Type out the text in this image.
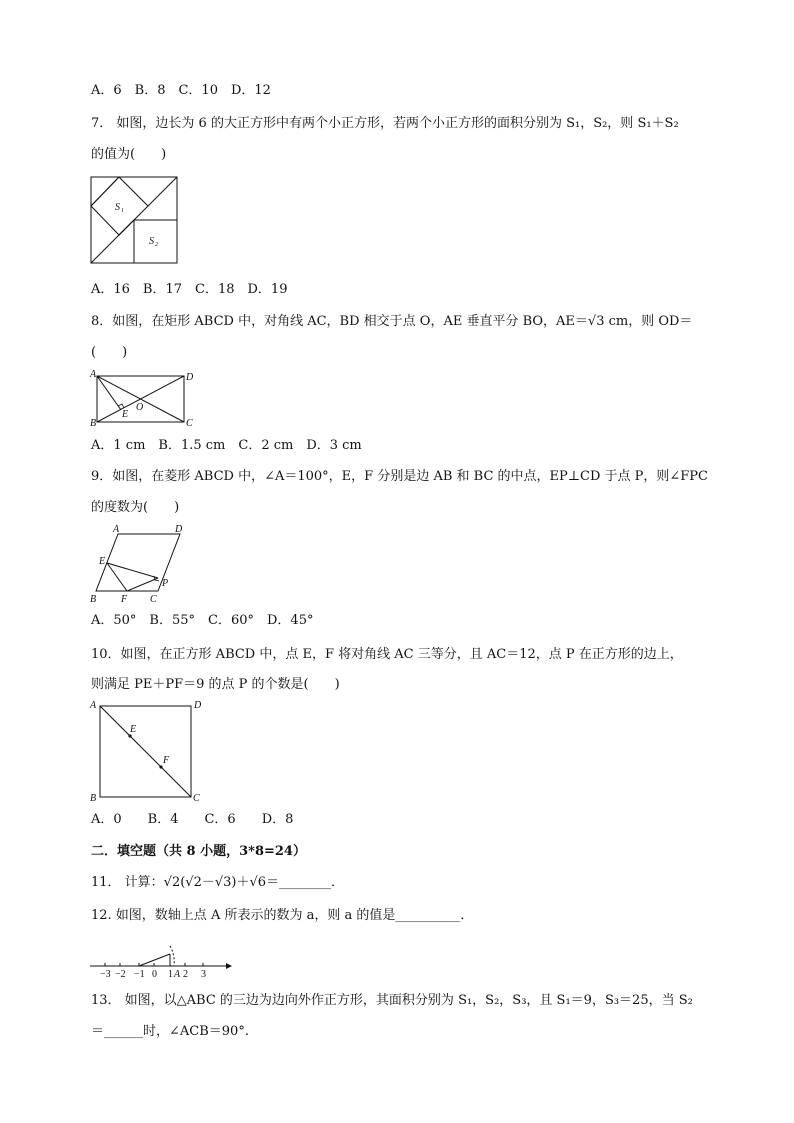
A．6　B．8　C．10　D．12
7． 如图，边长为 6 的大正方形中有两个小正方形，若两个小正方形的面积分别为 S₁，S₂，则 S₁＋S₂
的值为(　　)
S 1
S 2
A．16　B．17　C．18　D．19
8．如图，在矩形 ABCD 中，对角线 AC，BD 相交于点 O，AE 垂直平分 BO，AE＝√3 cm，则 OD＝
(　　)
A	D
B	C
E
O
A．1 cm　B．1.5 cm　C．2 cm　D．3 cm
9．如图，在菱形 ABCD 中，∠A＝100°，E，F 分别是边 AB 和 BC 的中点，EP⊥CD 于点 P，则∠FPC
的度数为(　　)
A	D
E
P
B F C
A．50°　B．55°　C．60°　D．45°
10．如图，在正方形 ABCD 中，点 E，F 将对角线 AC 三等分，且 AC＝12，点 P 在正方形的边上，
则满足 PE＋PF＝9 的点 P 的个数是(　　)
A	D
E
F
B	C
A．0　　B．4　　C．6　　D．8
二．填空题（共 8 小题，3*8=24）
11． 计算：√2(√2－√3)＋√6＝________．
12. 如图，数轴上点 A 所表示的数为 a，则 a 的值是__________．
−3 −2 −1 0 1 A 2 3
13． 如图，以△ABC 的三边为边向外作正方形，其面积分别为 S₁，S₂，S₃，且 S₁＝9，S₃＝25，当 S₂
＝______时，∠ACB＝90°.
